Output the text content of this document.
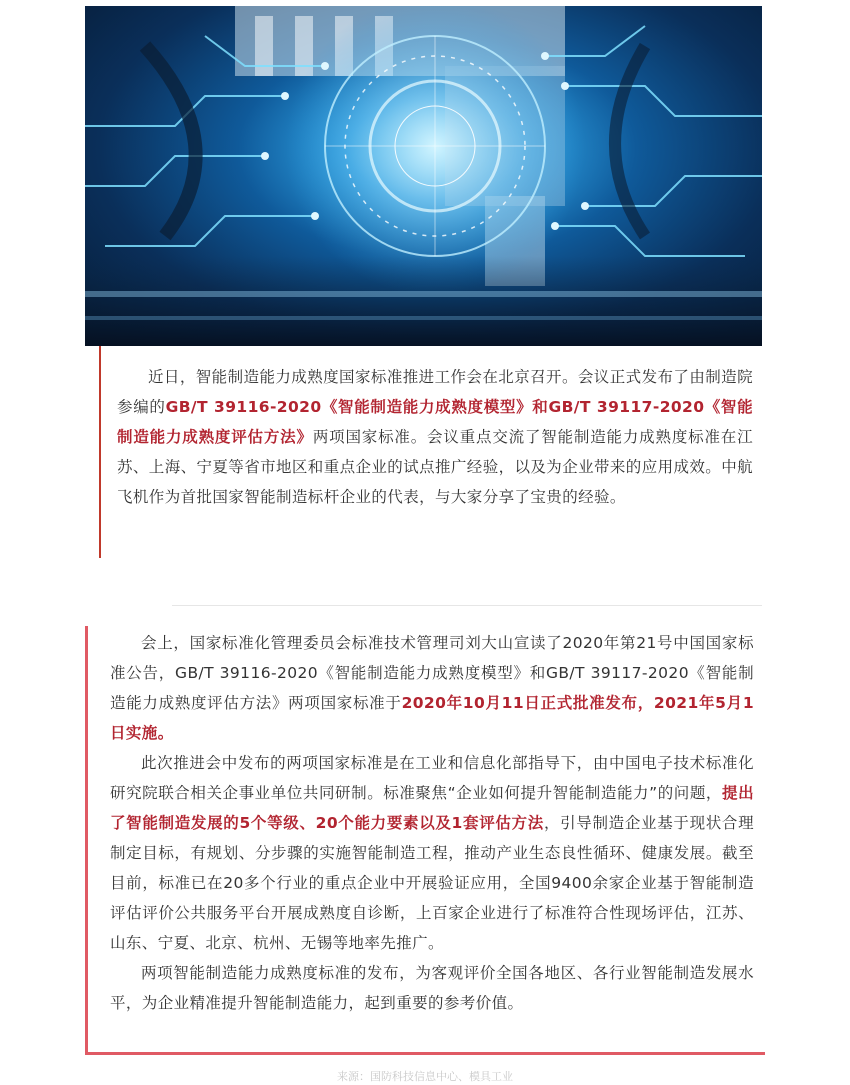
近日，智能制造能力成熟度国家标准推进工作会在北京召开。会议正式发布了由制造院参编的GB/T 39116-2020《智能制造能力成熟度模型》和GB/T 39117-2020《智能制造能力成熟度评估方法》两项国家标准。会议重点交流了智能制造能力成熟度标准在江苏、上海、宁夏等省市地区和重点企业的试点推广经验，以及为企业带来的应用成效。中航飞机作为首批国家智能制造标杆企业的代表，与大家分享了宝贵的经验。

会上，国家标准化管理委员会标准技术管理司刘大山宣读了2020年第21号中国国家标准公告，GB/T 39116-2020《智能制造能力成熟度模型》和GB/T 39117-2020《智能制造能力成熟度评估方法》两项国家标准于2020年10月11日正式批准发布，2021年5月1日实施。

此次推进会中发布的两项国家标准是在工业和信息化部指导下，由中国电子技术标准化研究院联合相关企事业单位共同研制。标准聚焦“企业如何提升智能制造能力”的问题，提出了智能制造发展的5个等级、20个能力要素以及1套评估方法，引导制造企业基于现状合理制定目标，有规划、分步骤的实施智能制造工程，推动产业生态良性循环、健康发展。截至目前，标准已在20多个行业的重点企业中开展验证应用，全国9400余家企业基于智能制造评估评价公共服务平台开展成熟度自诊断，上百家企业进行了标准符合性现场评估，江苏、山东、宁夏、北京、杭州、无锡等地率先推广。

两项智能制造能力成熟度标准的发布，为客观评价全国各地区、各行业智能制造发展水平，为企业精准提升智能制造能力，起到重要的参考价值。

来源：国防科技信息中心、模具工业
